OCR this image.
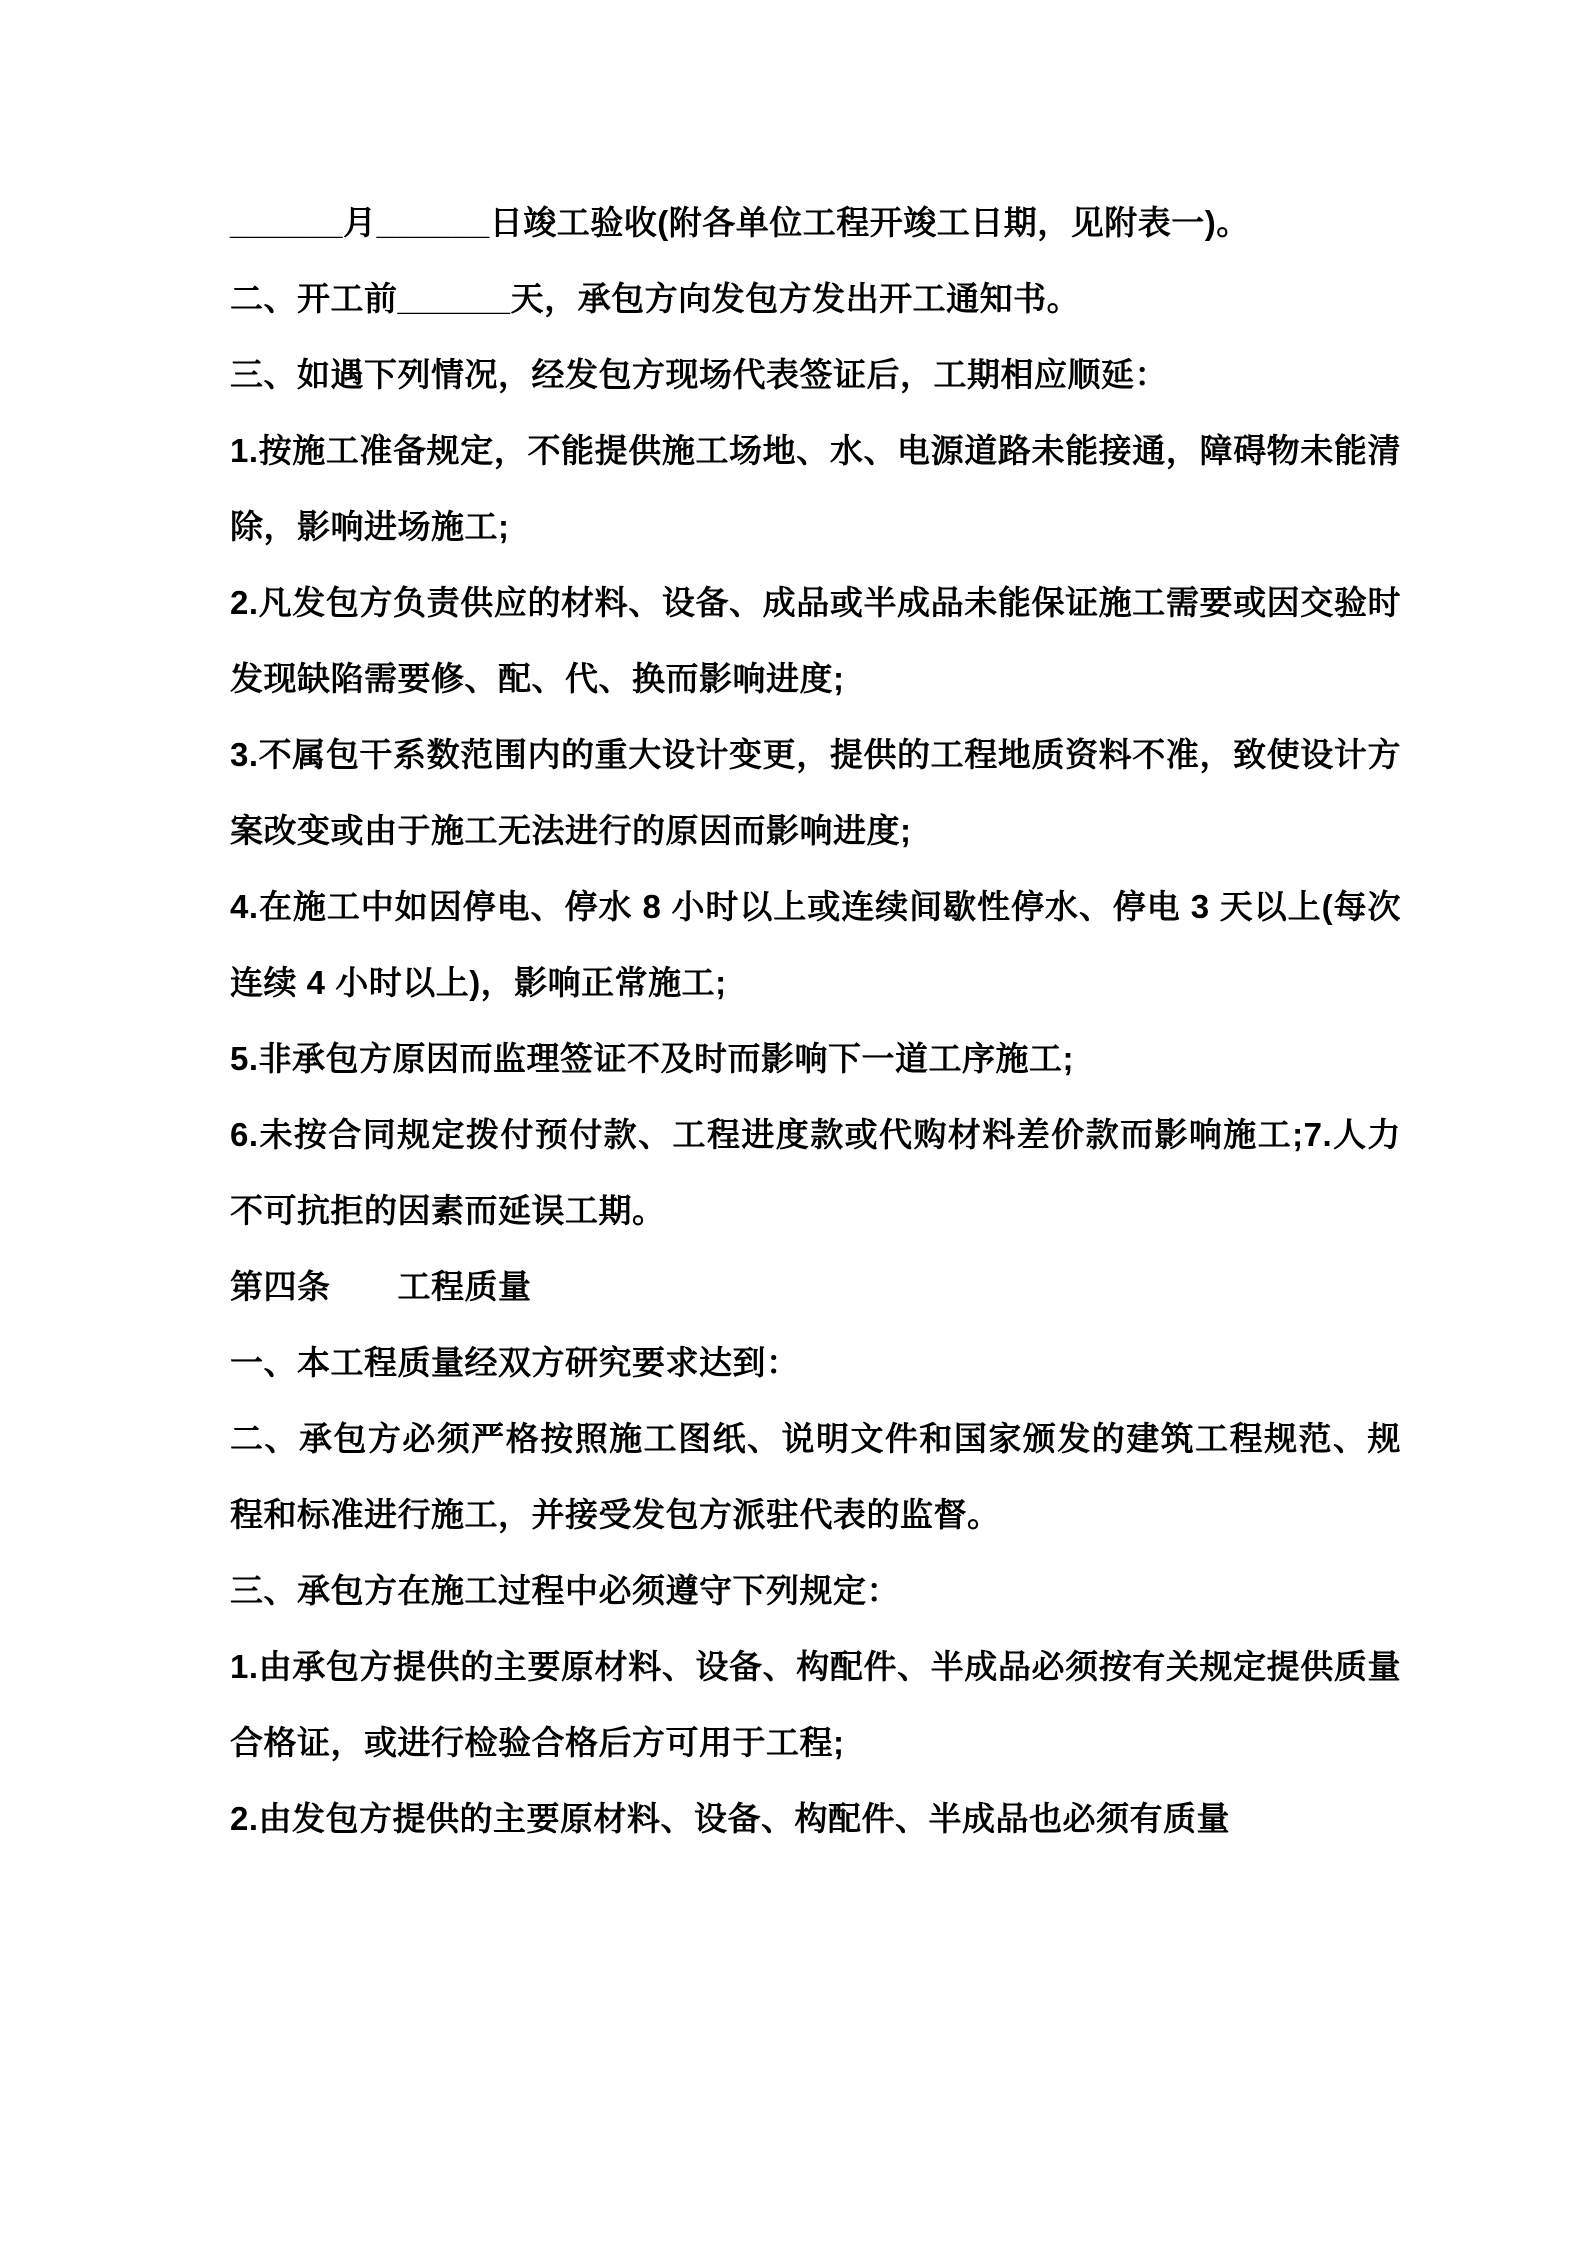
______月______日竣工验收(附各单位工程开竣工日期，见附表一)。

二、开工前______天，承包方向发包方发出开工通知书。

三、如遇下列情况，经发包方现场代表签证后，工期相应顺延：

1.按施工准备规定，不能提供施工场地、水、电源道路未能接通，障碍物未能清除，影响进场施工;

2.凡发包方负责供应的材料、设备、成品或半成品未能保证施工需要或因交验时发现缺陷需要修、配、代、换而影响进度;

3.不属包干系数范围内的重大设计变更，提供的工程地质资料不准，致使设计方案改变或由于施工无法进行的原因而影响进度;

4.在施工中如因停电、停水 8 小时以上或连续间歇性停水、停电 3 天以上(每次连续 4 小时以上)，影响正常施工;

5.非承包方原因而监理签证不及时而影响下一道工序施工;

6.未按合同规定拨付预付款、工程进度款或代购材料差价款而影响施工;7.人力不可抗拒的因素而延误工期。

第四条　　工程质量

一、本工程质量经双方研究要求达到：

二、承包方必须严格按照施工图纸、说明文件和国家颁发的建筑工程规范、规程和标准进行施工，并接受发包方派驻代表的监督。

三、承包方在施工过程中必须遵守下列规定：

1.由承包方提供的主要原材料、设备、构配件、半成品必须按有关规定提供质量合格证，或进行检验合格后方可用于工程;

2.由发包方提供的主要原材料、设备、构配件、半成品也必须有质量
